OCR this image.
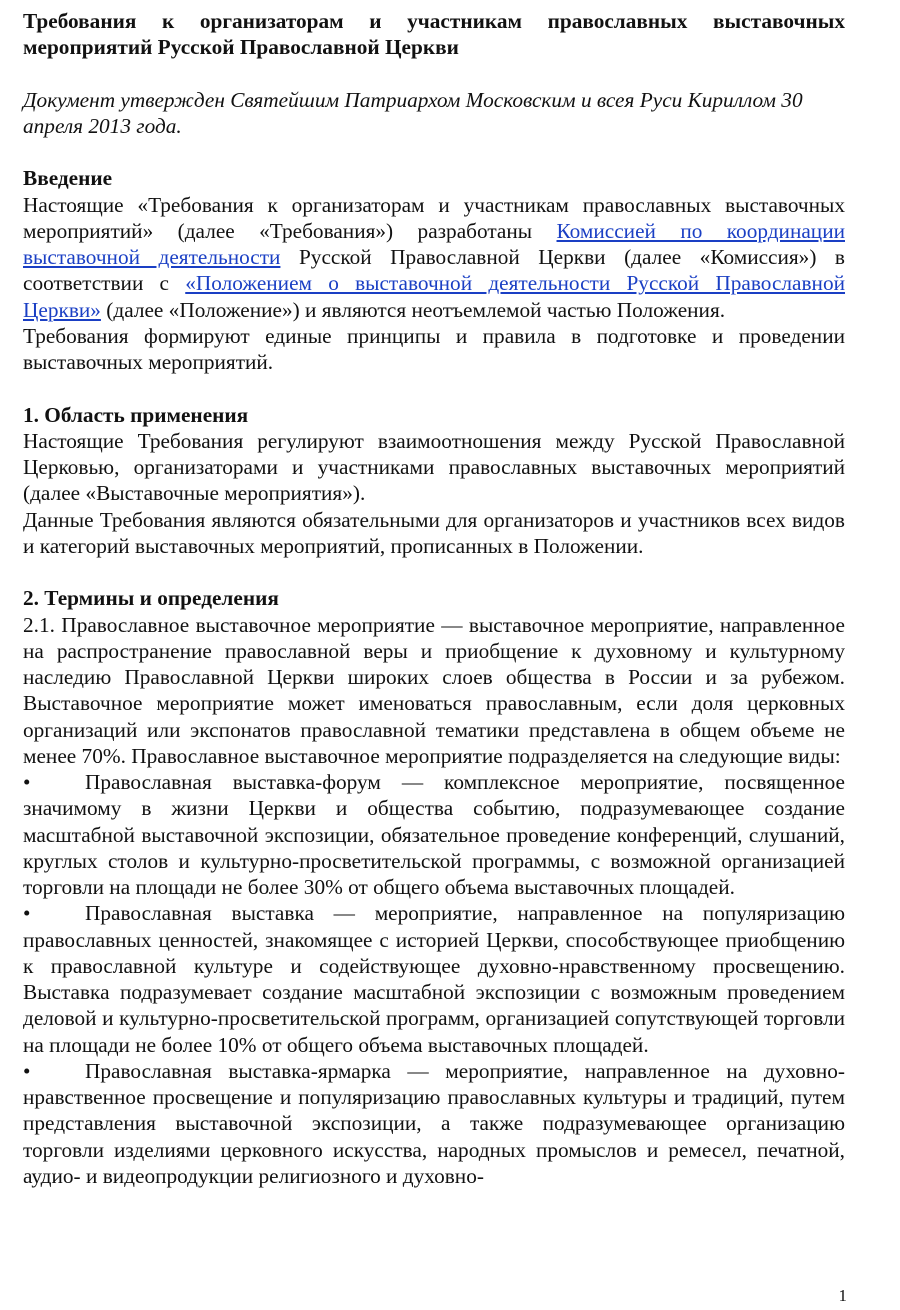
Требования к организаторам и участникам православных выставочных мероприятий Русской Православной Церкви

Документ утвержден Святейшим Патриархом Московским и всея Руси Кириллом 30 апреля 2013 года.

Введение

Настоящие «Требования к организаторам и участникам православных выставочных мероприятий» (далее «Требования») разработаны Комиссией по координации выставочной деятельности Русской Православной Церкви (далее «Комиссия») в соответствии с «Положением о выставочной деятельности Русской Православной Церкви» (далее «Положение») и являются неотъемлемой частью Положения.

Требования формируют единые принципы и правила в подготовке и проведении выставочных мероприятий.

1. Область применения

Настоящие Требования регулируют взаимоотношения между Русской Православной Церковью, организаторами и участниками православных выставочных мероприятий (далее «Выставочные мероприятия»).

Данные Требования являются обязательными для организаторов и участников всех видов и категорий выставочных мероприятий, прописанных в Положении.

2. Термины и определения

2.1. Православное выставочное мероприятие — выставочное мероприятие, направленное на распространение православной веры и приобщение к духовному и культурному наследию Православной Церкви широких слоев общества в России и за рубежом. Выставочное мероприятие может именоваться православным, если доля церковных организаций или экспонатов православной тематики представлена в общем объеме не менее 70%. Православное выставочное мероприятие подразделяется на следующие виды:

•	Православная выставка-форум — комплексное мероприятие, посвященное значимому в жизни Церкви и общества событию, подразумевающее создание масштабной выставочной экспозиции, обязательное проведение конференций, слушаний, круглых столов и культурно-просветительской программы, с возможной организацией торговли на площади не более 30% от общего объема выставочных площадей.

•	Православная выставка — мероприятие, направленное на популяризацию православных ценностей, знакомящее с историей Церкви, способствующее приобщению к православной культуре и содействующее духовно-нравственному просвещению. Выставка подразумевает создание масштабной экспозиции с возможным проведением деловой и культурно-просветительской программ, организацией сопутствующей торговли на площади не более 10% от общего объема выставочных площадей.

•	Православная выставка-ярмарка — мероприятие, направленное на духовно-нравственное просвещение и популяризацию православных культуры и традиций, путем представления выставочной экспозиции, а также подразумевающее организацию торговли изделиями церковного искусства, народных промыслов и ремесел, печатной, аудио- и видеопродукции религиозного и духовно-

1
